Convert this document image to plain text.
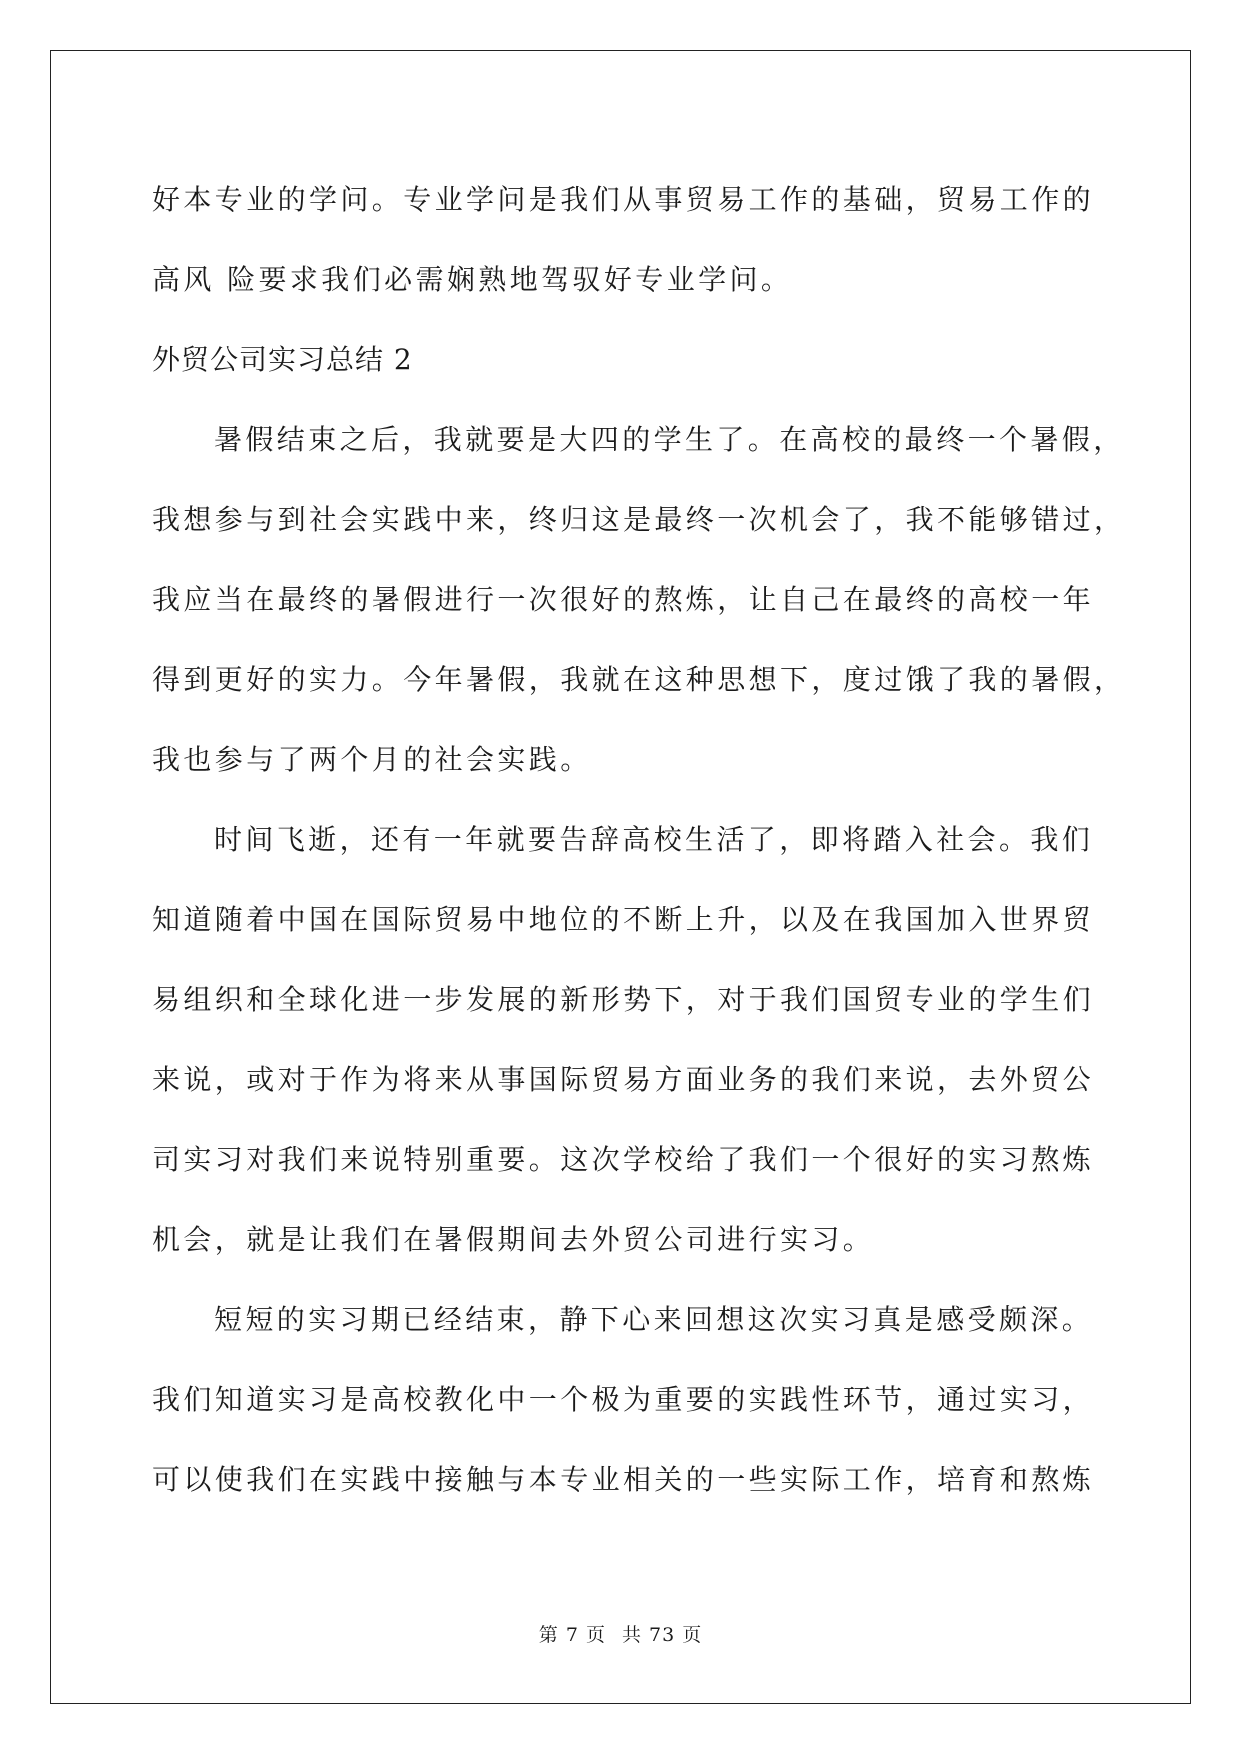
好本专业的学问。专业学问是我们从事贸易工作的基础，贸易工作的

高风 险要求我们必需娴熟地驾驭好专业学问。

外贸公司实习总结 2

暑假结束之后，我就要是大四的学生了。在高校的最终一个暑假，

我想参与到社会实践中来，终归这是最终一次机会了，我不能够错过，

我应当在最终的暑假进行一次很好的熬炼，让自己在最终的高校一年

得到更好的实力。今年暑假，我就在这种思想下，度过饿了我的暑假，

我也参与了两个月的社会实践。

时间飞逝，还有一年就要告辞高校生活了，即将踏入社会。我们

知道随着中国在国际贸易中地位的不断上升，以及在我国加入世界贸

易组织和全球化进一步发展的新形势下，对于我们国贸专业的学生们

来说，或对于作为将来从事国际贸易方面业务的我们来说，去外贸公

司实习对我们来说特别重要。这次学校给了我们一个很好的实习熬炼

机会，就是让我们在暑假期间去外贸公司进行实习。

短短的实习期已经结束，静下心来回想这次实习真是感受颇深。

我们知道实习是高校教化中一个极为重要的实践性环节，通过实习，

可以使我们在实践中接触与本专业相关的一些实际工作，培育和熬炼

第 7 页 共 73 页
